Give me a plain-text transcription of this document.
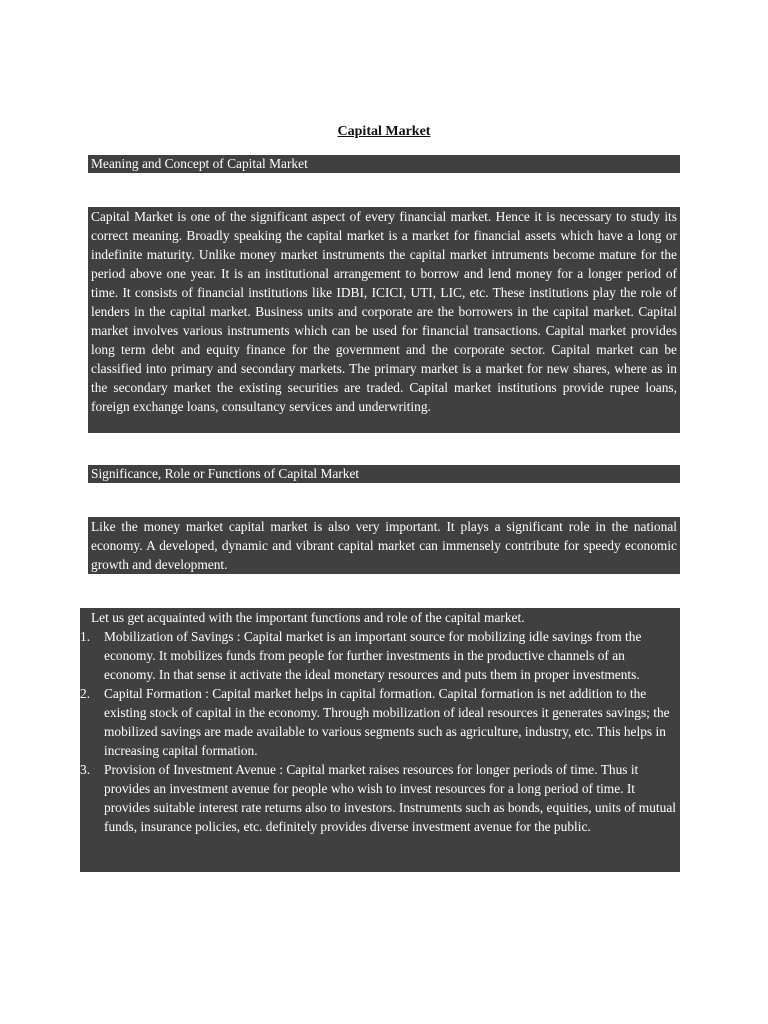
Capital Market
Meaning and Concept of Capital Market
Capital Market is one of the significant aspect of every financial market. Hence it is necessary to study its correct meaning. Broadly speaking the capital market is a market for financial assets which have a long or indefinite maturity. Unlike money market instruments the capital market intruments become mature for the period above one year. It is an institutional arrangement to borrow and lend money for a longer period of time. It consists of financial institutions like IDBI, ICICI, UTI, LIC, etc. These institutions play the role of lenders in the capital market. Business units and corporate are the borrowers in the capital market. Capital market involves various instruments which can be used for financial transactions. Capital market provides long term debt and equity finance for the government and the corporate sector. Capital market can be classified into primary and secondary markets. The primary market is a market for new shares, where as in the secondary market the existing securities are traded. Capital market institutions provide rupee loans, foreign exchange loans, consultancy services and underwriting.
Significance, Role or Functions of Capital Market
Like the money market capital market is also very important. It plays a significant role in the national economy. A developed, dynamic and vibrant capital market can immensely contribute for speedy economic growth and development.
Let us get acquainted with the important functions and role of the capital market.
1. Mobilization of Savings : Capital market is an important source for mobilizing idle savings from the economy. It mobilizes funds from people for further investments in the productive channels of an economy. In that sense it activate the ideal monetary resources and puts them in proper investments.
2. Capital Formation : Capital market helps in capital formation. Capital formation is net addition to the existing stock of capital in the economy. Through mobilization of ideal resources it generates savings; the mobilized savings are made available to various segments such as agriculture, industry, etc. This helps in increasing capital formation.
3. Provision of Investment Avenue : Capital market raises resources for longer periods of time. Thus it provides an investment avenue for people who wish to invest resources for a long period of time. It provides suitable interest rate returns also to investors. Instruments such as bonds, equities, units of mutual funds, insurance policies, etc. definitely provides diverse investment avenue for the public.
